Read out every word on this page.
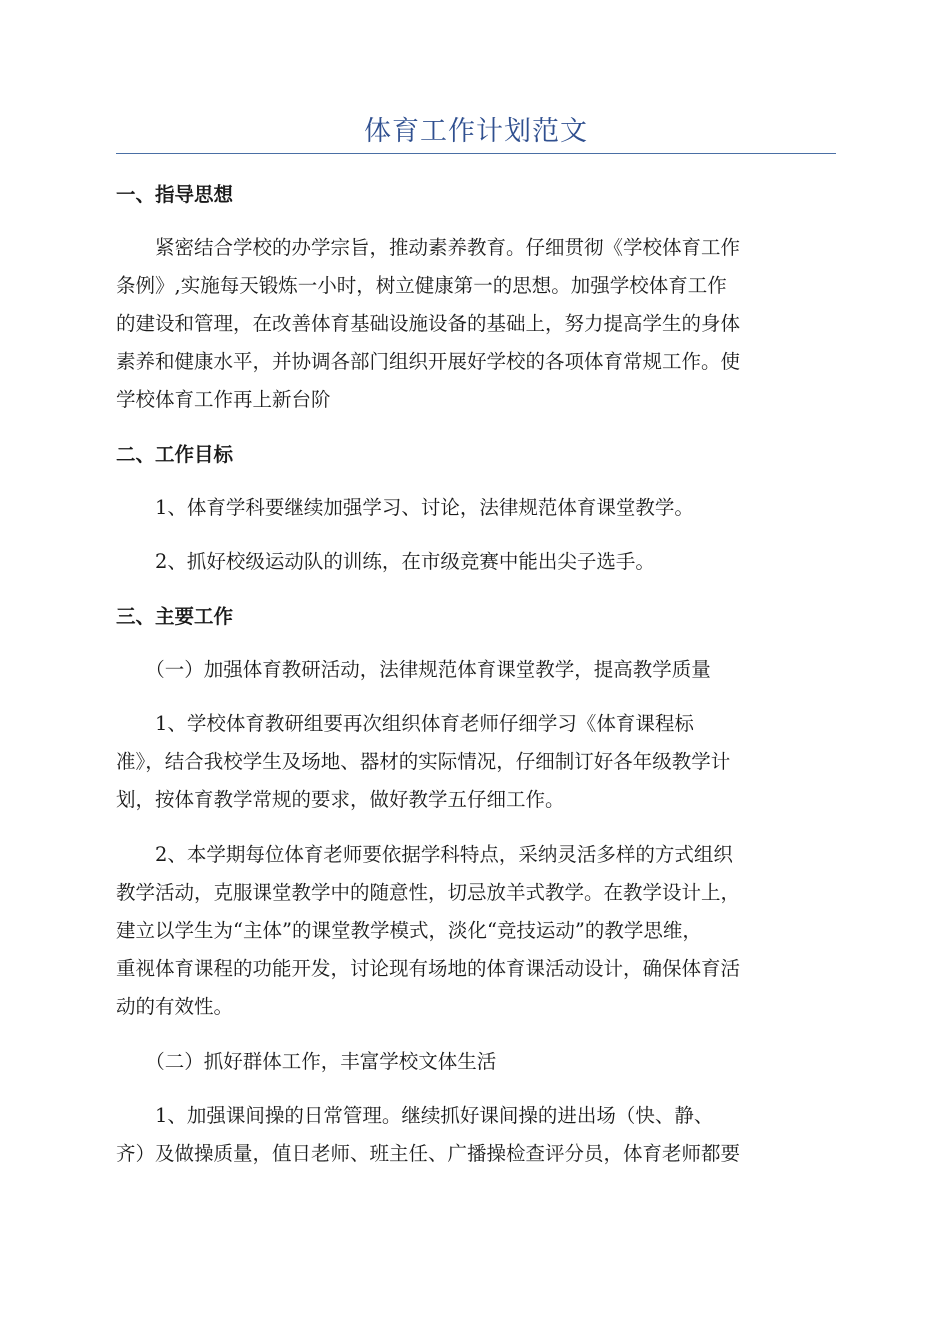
体育工作计划范文
一、指导思想
　　紧密结合学校的办学宗旨，推动素养教育。仔细贯彻《学校体育工作
条例》,实施每天锻炼一小时，树立健康第一的思想。加强学校体育工作
的建设和管理，在改善体育基础设施设备的基础上，努力提高学生的身体
素养和健康水平，并协调各部门组织开展好学校的各项体育常规工作。使
学校体育工作再上新台阶
二、工作目标
　　1、体育学科要继续加强学习、讨论，法律规范体育课堂教学。
　　2、抓好校级运动队的训练，在市级竞赛中能出尖子选手。
三、主要工作
　　（一）加强体育教研活动，法律规范体育课堂教学，提高教学质量
　　1、学校体育教研组要再次组织体育老师仔细学习《体育课程标
准》，结合我校学生及场地、器材的实际情况，仔细制订好各年级教学计
划，按体育教学常规的要求，做好教学五仔细工作。
　　2、本学期每位体育老师要依据学科特点，采纳灵活多样的方式组织
教学活动，克服课堂教学中的随意性，切忌放羊式教学。在教学设计上，
建立以学生为“主体”的课堂教学模式，淡化“竞技运动”的教学思维，
重视体育课程的功能开发，讨论现有场地的体育课活动设计，确保体育活
动的有效性。
　　（二）抓好群体工作，丰富学校文体生活
　　1、加强课间操的日常管理。继续抓好课间操的进出场（快、静、
齐）及做操质量，值日老师、班主任、广播操检查评分员，体育老师都要
